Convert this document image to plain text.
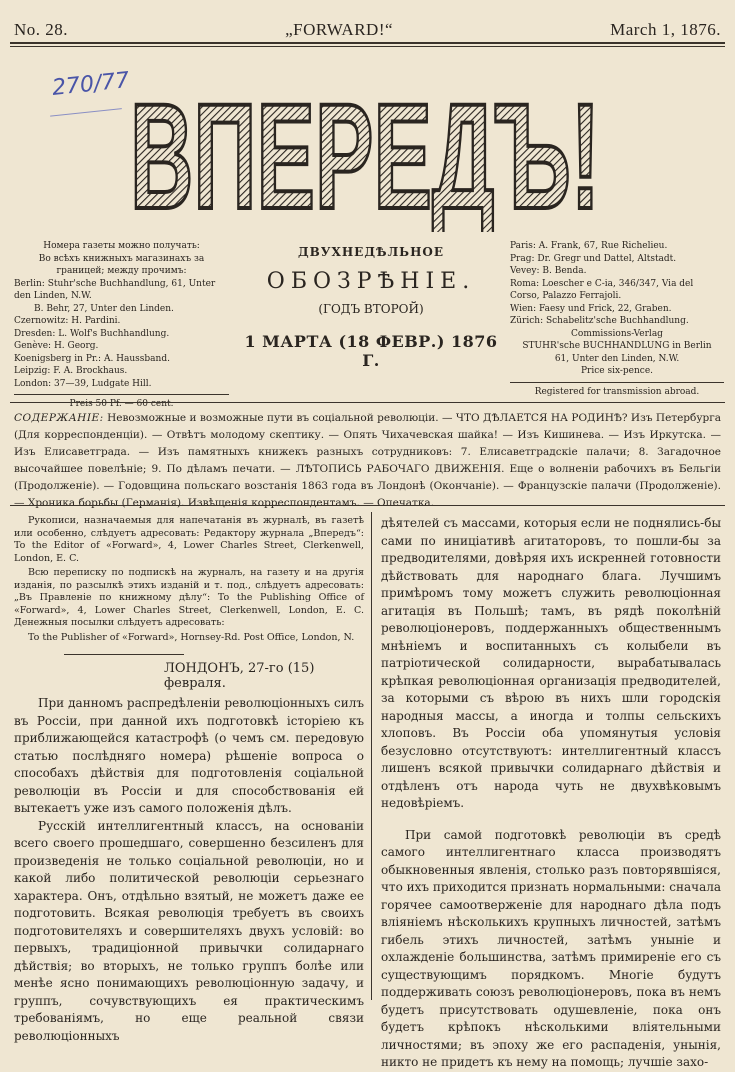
No. 28.	„FORWARD!“	March 1, 1876.
270/77 ВПЕРЕДЪ!
Номера газеты можно получать:
Во всѣхъ книжныхъ магазинахъ за границей; между прочимъ:
Berlin: Stuhr'sche Buchhandlung, 61, Unter den Linden, N.W.
B. Behr, 27, Unter den Linden.
Czernowitz: H. Pardini.
Dresden: L. Wolf's Buchhandlung.
Genève: H. Georg.
Koenigsberg in Pr.: A. Haussband.
Leipzig: F. A. Brockhaus.
London: 37—39, Ludgate Hill.
Preis 50 Pf. — 60 cent.
ДВУХНЕДѢЛЬНОЕ
ОБОЗРѢНІЕ.
(ГОДЪ ВТОРОЙ)
1 МАРТА (18 ФЕВР.) 1876 Г.
Paris: A. Frank, 67, Rue Richelieu.
Prag: Dr. Gregr und Dattel, Altstadt.
Vevey: B. Benda.
Roma: Loescher e C-ia, 346/347, Via del Corso, Palazzo Ferrajoli.
Wien: Faesy und Frick, 22, Graben.
Zürich: Schabelitz'sche Buchhandlung.
Commissions-Verlag
STUHR'sche BUCHHANDLUNG in Berlin
61, Unter den Linden, N.W.
Price six-pence.
Registered for transmission abroad.
СОДЕРЖАНІЕ: Невозможные и возможные пути въ соціальной революціи. — ЧТО ДѢЛАЕТСЯ НА РОДИНѢ? Изъ Петербурга (Для корреспонденціи). — Отвѣтъ молодому скептику. — Опять Чихачевская шайка! — Изъ Кишинева. — Изъ Иркутска. — Изъ Елисаветграда. — Изъ памятныхъ книжекъ разныхъ сотрудниковъ: 7. Елисаветградскіе палачи; 8. Загадочное высочайшее повелѣніе; 9. По дѣламъ печати. — ЛѢТОПИСЬ РАБОЧАГО ДВИЖЕНІЯ. Еще о волненіи рабочихъ въ Бельгіи (Продолженіе). — Годовщина польскаго возстанія 1863 года въ Лондонѣ (Окончаніе). — Французскіе палачи (Продолженіе). — Хроника борьбы (Германія). Извѣщенія корреспондентамъ. — Опечатка.

Рукописи, назначаемыя для напечатанія въ журналѣ, въ газетѣ или особенно, слѣдуетъ адресовать: Редактору журнала „Впередъ“: To the Editor of «Forward», 4, Lower Charles Street, Clerkenwell, London, E. C.

Всю переписку по подпискѣ на журналъ, на газету и на другія изданія, по разсылкѣ этихъ изданій и т. под., слѣдуетъ адресовать: „Въ Правленіе по книжному дѣлу“: To the Publishing Office of «Forward», 4, Lower Charles Street, Clerkenwell, London, E. C. Денежныя посылки слѣдуетъ адресовать:

To the Publisher of «Forward», Hornsey-Rd. Post Office, London, N.

ЛОНДОНЪ, 27-го (15) февраля.

При данномъ распредѣленіи революціонныхъ силъ въ Россіи, при данной ихъ подготовкѣ історіею къ приближающейся катастрофѣ (о чемъ см. передовую статью послѣдняго номера) рѣшеніе вопроса о способахъ дѣйствія для подготовленія соціальной революціи въ Россіи и для способствованія ей вытекаетъ уже изъ самого положенія дѣлъ.

Русскій интеллигентный классъ, на основаніи всего своего прошедшаго, совершенно безсиленъ для произведенія не только соціальной революціи, но и какой либо политической революціи серьезнаго характера. Онъ, отдѣльно взятый, не можетъ даже ее подготовить. Всякая революція требуетъ въ своихъ подготовителяхъ и совершителяхъ двухъ условій: во первыхъ, традиціонной привычки солидарнаго дѣйствія; во вторыхъ, не только группъ болѣе или менѣе ясно понимающихъ революціонную задачу, и группъ, сочувствующихъ ея практическимъ требованіямъ, но еще реальной связи революціонныхъ

дѣятелей съ массами, которыя если не поднялись-бы сами по иниціативѣ агитаторовъ, то пошли-бы за предводителями, довѣряя ихъ искренней готовности дѣйствовать для народнаго блага. Лучшимъ примѣромъ тому можетъ служить революціонная агитація въ Польшѣ; тамъ, въ рядѣ поколѣній революціонеровъ, поддержанныхъ общественнымъ мнѣніемъ и воспитанныхъ съ колыбели въ патріотической солидарности, вырабатывалась крѣпкая революціонная организація предводителей, за которыми съ вѣрою въ нихъ шли городскія народныя массы, а иногда и толпы сельскихъ хлоповъ. Въ Россіи оба упомянутыя условія безусловно отсутствуютъ: интеллигентный классъ лишенъ всякой привычки солидарнаго дѣйствія и отдѣленъ отъ народа чуть не двухвѣковымъ недовѣріемъ.

При самой подготовкѣ революціи въ средѣ самого интеллигентнаго класса производятъ обыкновенныя явленія, столько разъ повторявшіяся, что ихъ приходится признать нормальными: сначала горячее самоотверженіе для народнаго дѣла подъ вліяніемъ нѣсколькихъ крупныхъ личностей, затѣмъ гибель этихъ личностей, затѣмъ уныніе и охлажденіе большинства, затѣмъ примиреніе его съ существующимъ порядкомъ. Многіе будутъ поддерживать союзъ революціонеровъ, пока въ немъ будетъ присутствовать одушевленіе, пока онъ будетъ крѣпокъ нѣсколькими вліятельными личностями; въ эпоху же его распаденія, унынія, никто не придетъ къ нему на помощь; лучшіе захо-
